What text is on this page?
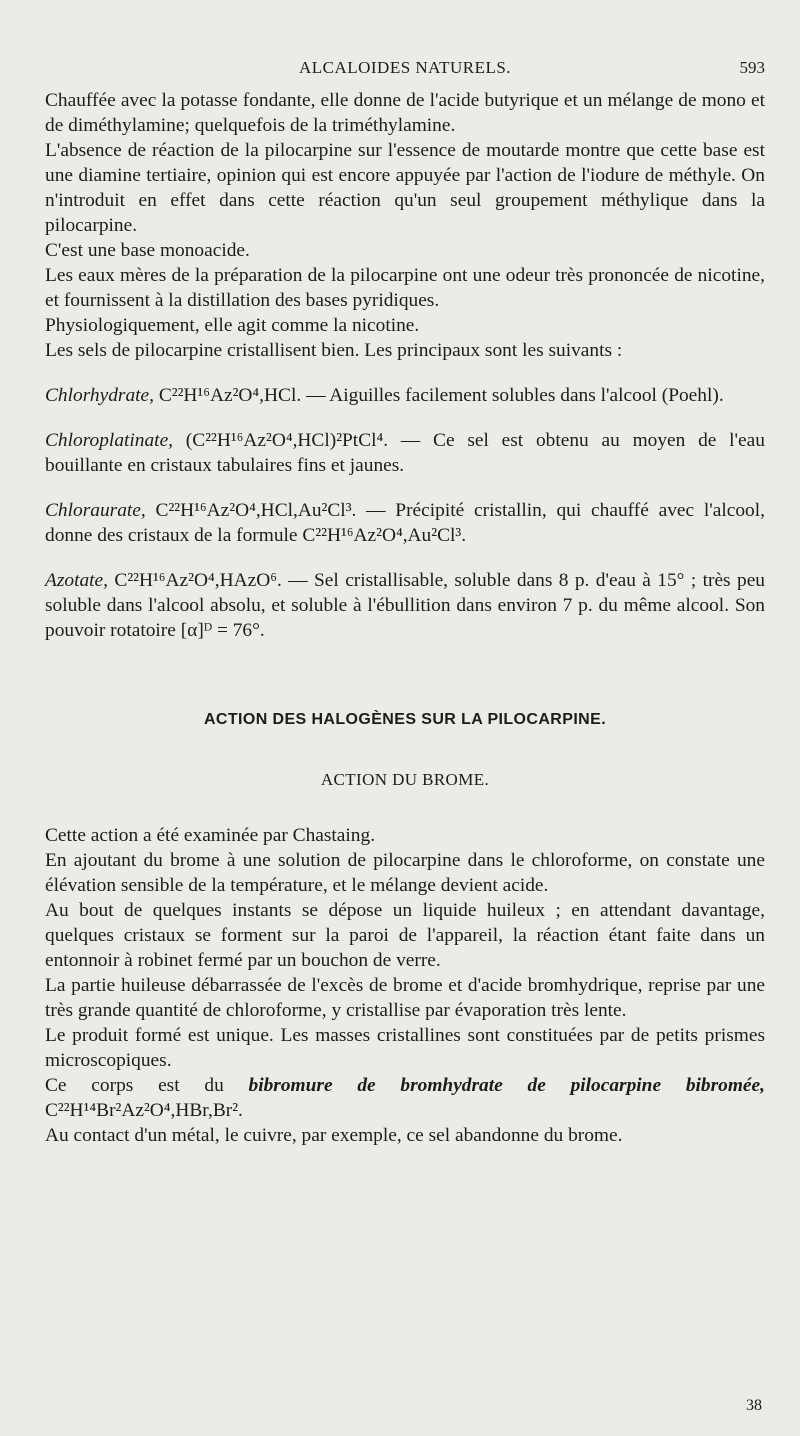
ALCALOIDES NATURELS.	593

Chauffée avec la potasse fondante, elle donne de l'acide butyrique et un mélange de mono et de diméthylamine; quelquefois de la triméthylamine.

L'absence de réaction de la pilocarpine sur l'essence de moutarde montre que cette base est une diamine tertiaire, opinion qui est encore appuyée par l'action de l'iodure de méthyle. On n'introduit en effet dans cette réaction qu'un seul groupement méthylique dans la pilocarpine.

C'est une base monoacide.

Les eaux mères de la préparation de la pilocarpine ont une odeur très prononcée de nicotine, et fournissent à la distillation des bases pyridiques.

Physiologiquement, elle agit comme la nicotine.

Les sels de pilocarpine cristallisent bien. Les principaux sont les suivants :

Chlorhydrate, C²²H¹⁶Az²O⁴,HCl. — Aiguilles facilement solubles dans l'alcool (Poehl).

Chloroplatinate, (C²²H¹⁶Az²O⁴,HCl)²PtCl⁴. — Ce sel est obtenu au moyen de l'eau bouillante en cristaux tabulaires fins et jaunes.

Chloraurate, C²²H¹⁶Az²O⁴,HCl,Au²Cl³. — Précipité cristallin, qui chauffé avec l'alcool, donne des cristaux de la formule C²²H¹⁶Az²O⁴,Au²Cl³.

Azotate, C²²H¹⁶Az²O⁴,HAzO⁶. — Sel cristallisable, soluble dans 8 p. d'eau à 15° ; très peu soluble dans l'alcool absolu, et soluble à l'ébullition dans environ 7 p. du même alcool. Son pouvoir rotatoire [α]ᴰ = 76°.

ACTION DES HALOGÈNES SUR LA PILOCARPINE.
ACTION DU BROME.

Cette action a été examinée par Chastaing.

En ajoutant du brome à une solution de pilocarpine dans le chloroforme, on constate une élévation sensible de la température, et le mélange devient acide.

Au bout de quelques instants se dépose un liquide huileux ; en attendant davantage, quelques cristaux se forment sur la paroi de l'appareil, la réaction étant faite dans un entonnoir à robinet fermé par un bouchon de verre.

La partie huileuse débarrassée de l'excès de brome et d'acide bromhydrique, reprise par une très grande quantité de chloroforme, y cristallise par évaporation très lente.

Le produit formé est unique. Les masses cristallines sont constituées par de petits prismes microscopiques.

Ce corps est du bibromure de bromhydrate de pilocarpine bibromée, C²²H¹⁴Br²Az²O⁴,HBr,Br².

Au contact d'un métal, le cuivre, par exemple, ce sel abandonne du brome.

38
